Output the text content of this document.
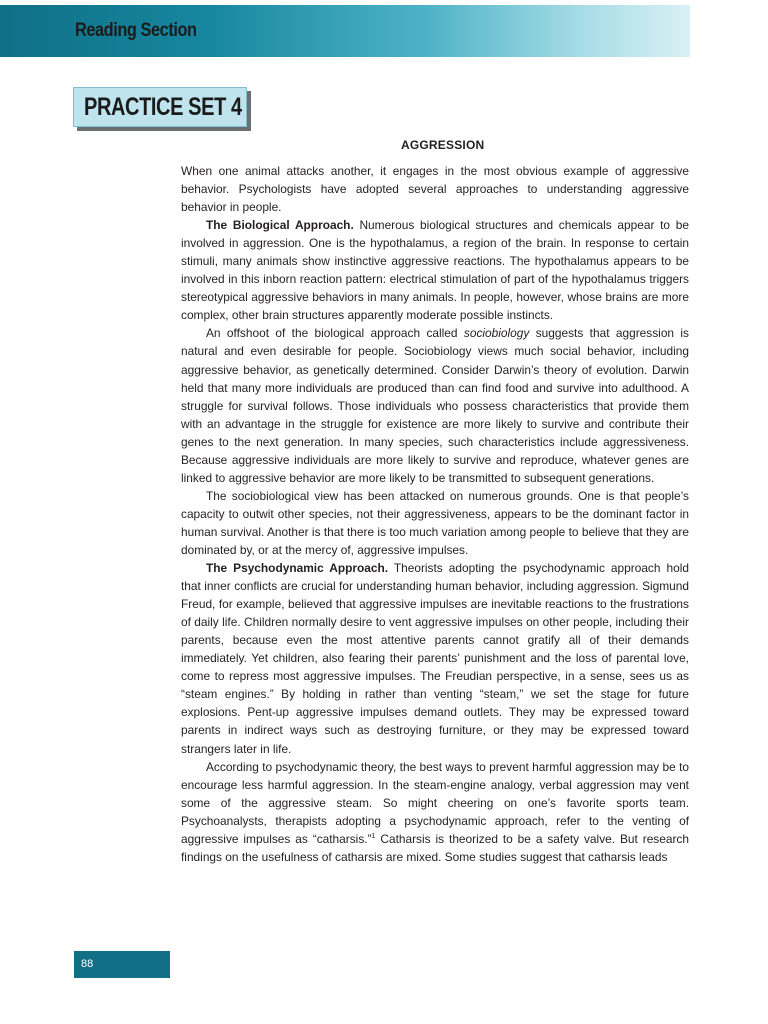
Reading Section
PRACTICE SET 4
AGGRESSION

When one animal attacks another, it engages in the most obvious example of aggressive behavior. Psychologists have adopted several approaches to understanding aggressive behavior in people.

The Biological Approach. Numerous biological structures and chemicals appear to be involved in aggression. One is the hypothalamus, a region of the brain. In response to certain stimuli, many animals show instinctive aggressive reactions. The hypothalamus appears to be involved in this inborn reaction pattern: electrical stimulation of part of the hypothalamus triggers stereotypical aggressive behaviors in many animals. In people, however, whose brains are more complex, other brain structures apparently moderate possible instincts.

An offshoot of the biological approach called sociobiology suggests that aggression is natural and even desirable for people. Sociobiology views much social behavior, including aggressive behavior, as genetically determined. Consider Darwin’s theory of evolution. Darwin held that many more individuals are produced than can find food and survive into adulthood. A struggle for survival follows. Those individuals who possess characteristics that provide them with an advantage in the struggle for existence are more likely to survive and contribute their genes to the next generation. In many species, such characteristics include aggressiveness. Because aggressive individuals are more likely to survive and reproduce, whatever genes are linked to aggressive behavior are more likely to be transmitted to subsequent generations.

The sociobiological view has been attacked on numerous grounds. One is that people’s capacity to outwit other species, not their aggressiveness, appears to be the dominant factor in human survival. Another is that there is too much variation among people to believe that they are dominated by, or at the mercy of, aggressive impulses.

The Psychodynamic Approach. Theorists adopting the psychodynamic approach hold that inner conflicts are crucial for understanding human behavior, including aggression. Sigmund Freud, for example, believed that aggressive impulses are inevitable reactions to the frustrations of daily life. Children normally desire to vent aggressive impulses on other people, including their parents, because even the most attentive parents cannot gratify all of their demands immediately. Yet children, also fearing their parents’ punishment and the loss of parental love, come to repress most aggressive impulses. The Freudian perspective, in a sense, sees us as “steam engines.” By holding in rather than venting “steam,” we set the stage for future explosions. Pent-up aggressive impulses demand outlets. They may be expressed toward parents in indirect ways such as destroying furniture, or they may be expressed toward strangers later in life.

According to psychodynamic theory, the best ways to prevent harmful aggression may be to encourage less harmful aggression. In the steam-engine analogy, verbal aggression may vent some of the aggressive steam. So might cheering on one’s favorite sports team. Psychoanalysts, therapists adopting a psychodynamic approach, refer to the venting of aggressive impulses as “catharsis.”$^1$ Catharsis is theorized to be a safety valve. But research findings on the usefulness of catharsis are mixed. Some studies suggest that catharsis leads

88
